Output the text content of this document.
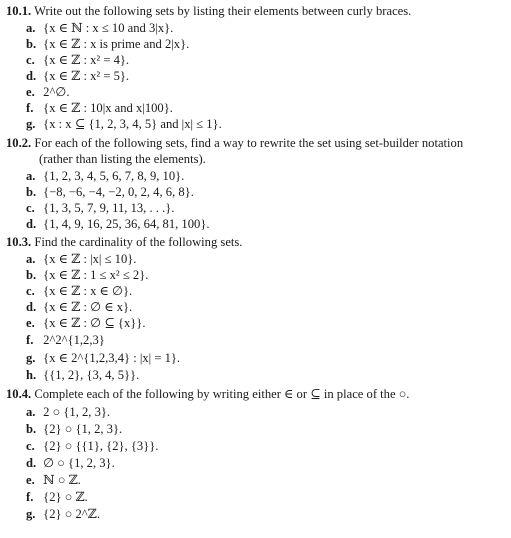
10.1. Write out the following sets by listing their elements between curly braces.
a. {x ∈ ℕ : x ≤ 10 and 3|x}.
b. {x ∈ ℤ : x is prime and 2|x}.
c. {x ∈ ℤ : x² = 4}.
d. {x ∈ ℤ : x² = 5}.
e. 2^∅.
f. {x ∈ ℤ : 10|x and x|100}.
g. {x : x ⊆ {1, 2, 3, 4, 5} and |x| ≤ 1}.
10.2. For each of the following sets, find a way to rewrite the set using set-builder notation
(rather than listing the elements).
a. {1, 2, 3, 4, 5, 6, 7, 8, 9, 10}.
b. {−8, −6, −4, −2, 0, 2, 4, 6, 8}.
c. {1, 3, 5, 7, 9, 11, 13, . . .}.
d. {1, 4, 9, 16, 25, 36, 64, 81, 100}.
10.3. Find the cardinality of the following sets.
a. {x ∈ ℤ : |x| ≤ 10}.
b. {x ∈ ℤ : 1 ≤ x² ≤ 2}.
c. {x ∈ ℤ : x ∈ ∅}.
d. {x ∈ ℤ : ∅ ∈ x}.
e. {x ∈ ℤ : ∅ ⊆ {x}}.
f. 2^2^{1,2,3}
g. {x ∈ 2^{1,2,3,4} : |x| = 1}.
h. {{1, 2}, {3, 4, 5}}.
10.4. Complete each of the following by writing either ∈ or ⊆ in place of the ○.
a. 2 ○ {1, 2, 3}.
b. {2} ○ {1, 2, 3}.
c. {2} ○ {{1}, {2}, {3}}.
d. ∅ ○ {1, 2, 3}.
e. ℕ ○ ℤ.
f. {2} ○ ℤ.
g. {2} ○ 2^ℤ.
